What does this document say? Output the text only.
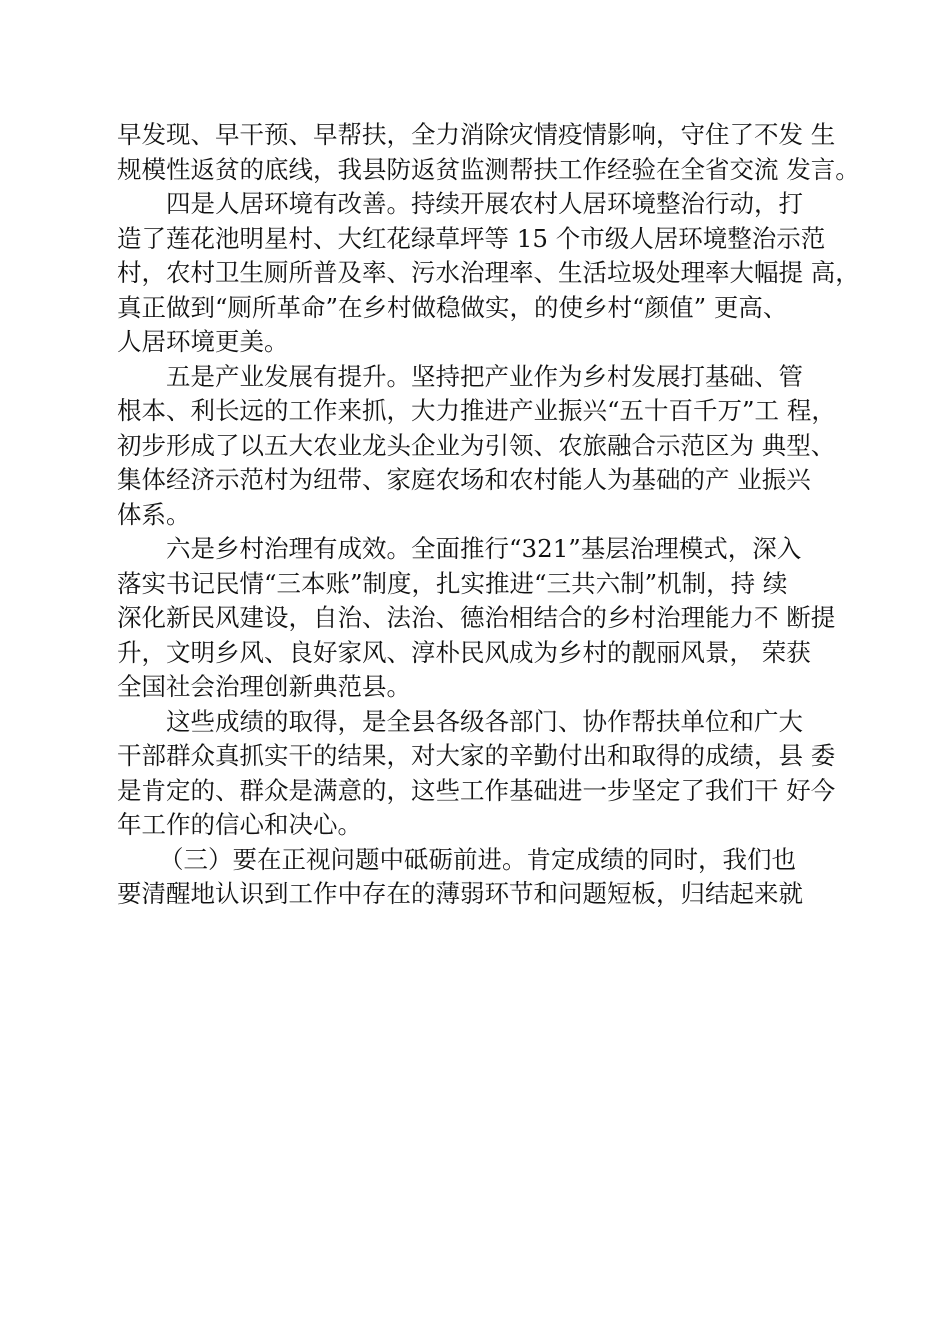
早发现、早干预、早帮扶，全力消除灾情疫情影响，守住了不发 生
规模性返贫的底线，我县防返贫监测帮扶工作经验在全省交流 发言。
四是人居环境有改善。持续开展农村人居环境整治行动，打
造了莲花池明星村、大红花绿草坪等 15 个市级人居环境整治示范
村，农村卫生厕所普及率、污水治理率、生活垃圾处理率大幅提 高，
真正做到“厕所革命”在乡村做稳做实，的使乡村“颜值” 更高、
人居环境更美。
五是产业发展有提升。坚持把产业作为乡村发展打基础、管
根本、利长远的工作来抓，大力推进产业振兴“五十百千万”工 程，
初步形成了以五大农业龙头企业为引领、农旅融合示范区为 典型、
集体经济示范村为纽带、家庭农场和农村能人为基础的产 业振兴
体系。
六是乡村治理有成效。全面推行“321”基层治理模式，深入
落实书记民情“三本账”制度，扎实推进“三共六制”机制，持 续
深化新民风建设，自治、法治、德治相结合的乡村治理能力不 断提
升，文明乡风、良好家风、淳朴民风成为乡村的靓丽风景， 荣获
全国社会治理创新典范县。
这些成绩的取得，是全县各级各部门、协作帮扶单位和广大
干部群众真抓实干的结果，对大家的辛勤付出和取得的成绩，县 委
是肯定的、群众是满意的，这些工作基础进一步坚定了我们干 好今
年工作的信心和决心。
（三）要在正视问题中砥砺前进。肯定成绩的同时，我们也
要清醒地认识到工作中存在的薄弱环节和问题短板，归结起来就
